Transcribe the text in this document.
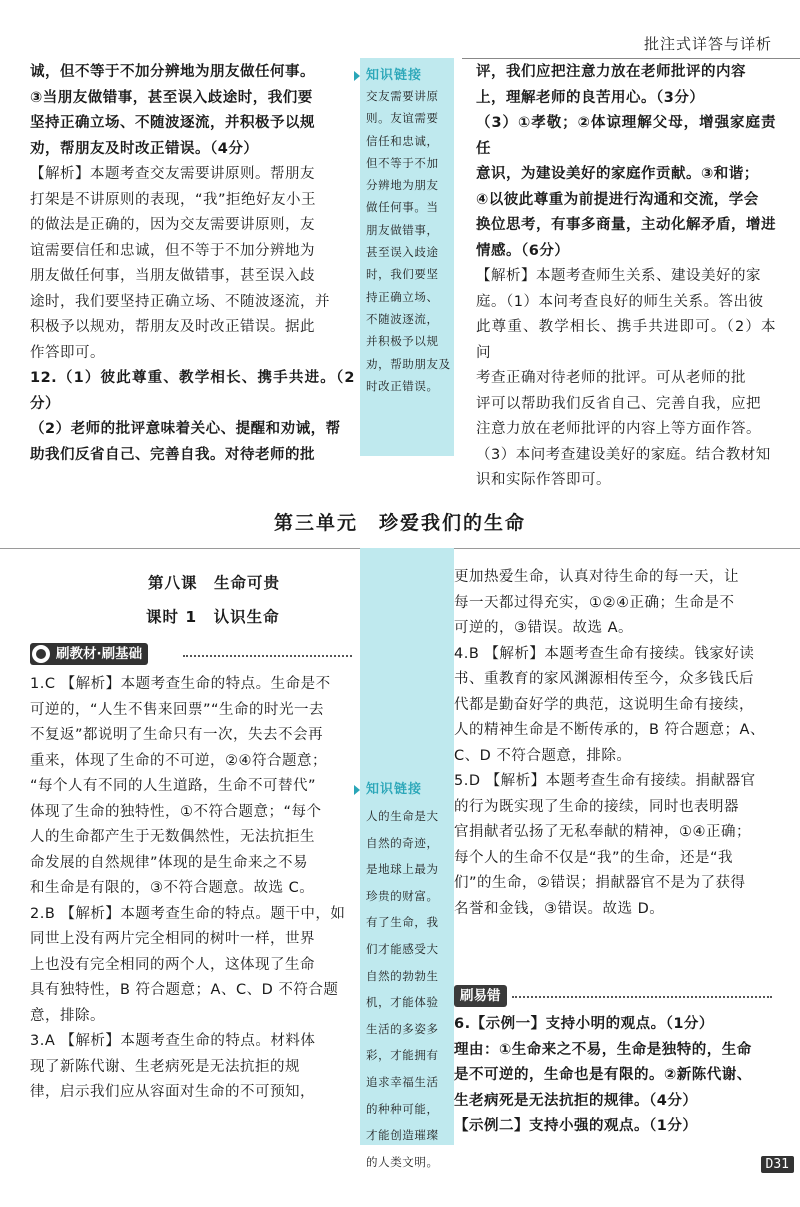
批注式详答与详析
诚，但不等于不加分辨地为朋友做任何事。
③当朋友做错事，甚至误入歧途时，我们要
坚持正确立场、不随波逐流，并积极予以规
劝，帮朋友及时改正错误。（4分）
【解析】本题考查交友需要讲原则。帮朋友
打架是不讲原则的表现，“我”拒绝好友小王
的做法是正确的，因为交友需要讲原则，友
谊需要信任和忠诚，但不等于不加分辨地为
朋友做任何事，当朋友做错事，甚至误入歧
途时，我们要坚持正确立场、不随波逐流，并
积极予以规劝，帮朋友及时改正错误。据此
作答即可。
12.（1）彼此尊重、教学相长、携手共进。（2分）
（2）老师的批评意味着关心、提醒和劝诫，帮
助我们反省自己、完善自我。对待老师的批
知识链接
交友需要讲原
则。友谊需要
信任和忠诚，
但不等于不加
分辨地为朋友
做任何事。当
朋友做错事，
甚至误入歧途
时，我们要坚
持正确立场、
不随波逐流，
并积极予以规
劝，帮助朋友及
时改正错误。
评，我们应把注意力放在老师批评的内容
上，理解老师的良苦用心。（3分）
（3）①孝敬；②体谅理解父母，增强家庭责任
意识，为建设美好的家庭作贡献。③和谐；
④以彼此尊重为前提进行沟通和交流，学会
换位思考，有事多商量，主动化解矛盾，增进
情感。（6分）
【解析】本题考查师生关系、建设美好的家
庭。（1）本问考查良好的师生关系。答出彼
此尊重、教学相长、携手共进即可。（2）本问
考查正确对待老师的批评。可从老师的批
评可以帮助我们反省自己、完善自我，应把
注意力放在老师批评的内容上等方面作答。
（3）本问考查建设美好的家庭。结合教材知
识和实际作答即可。
第三单元　珍爱我们的生命
第八课　生命可贵
课时 1　认识生命
刷教材·刷基础
1.C 【解析】本题考查生命的特点。生命是不
可逆的，“人生不售来回票”“生命的时光一去
不复返”都说明了生命只有一次，失去不会再
重来，体现了生命的不可逆，②④符合题意；
“每个人有不同的人生道路，生命不可替代”
体现了生命的独特性，①不符合题意；“每个
人的生命都产生于无数偶然性，无法抗拒生
命发展的自然规律”体现的是生命来之不易
和生命是有限的，③不符合题意。故选 C。
2.B 【解析】本题考查生命的特点。题干中，如
同世上没有两片完全相同的树叶一样，世界
上也没有完全相同的两个人，这体现了生命
具有独特性，B 符合题意；A、C、D 不符合题
意，排除。
3.A 【解析】本题考查生命的特点。材料体
现了新陈代谢、生老病死是无法抗拒的规
律，启示我们应从容面对生命的不可预知，
知识链接
人的生命是大
自然的奇迹，
是地球上最为
珍贵的财富。
有了生命，我
们才能感受大
自然的勃勃生
机，才能体验
生活的多姿多
彩，才能拥有
追求幸福生活
的种种可能，
才能创造璀璨
的人类文明。
更加热爱生命，认真对待生命的每一天，让
每一天都过得充实，①②④正确；生命是不
可逆的，③错误。故选 A。
4.B 【解析】本题考查生命有接续。钱家好读
书、重教育的家风渊源相传至今，众多钱氏后
代都是勤奋好学的典范，这说明生命有接续，
人的精神生命是不断传承的，B 符合题意；A、
C、D 不符合题意，排除。
5.D 【解析】本题考查生命有接续。捐献器官
的行为既实现了生命的接续，同时也表明器
官捐献者弘扬了无私奉献的精神，①④正确；
每个人的生命不仅是“我”的生命，还是“我
们”的生命，②错误；捐献器官不是为了获得
名誉和金钱，③错误。故选 D。
刷易错
6.【示例一】支持小明的观点。（1分）
理由：①生命来之不易，生命是独特的，生命
是不可逆的，生命也是有限的。②新陈代谢、
生老病死是无法抗拒的规律。（4分）
【示例二】支持小强的观点。（1分）
D31
